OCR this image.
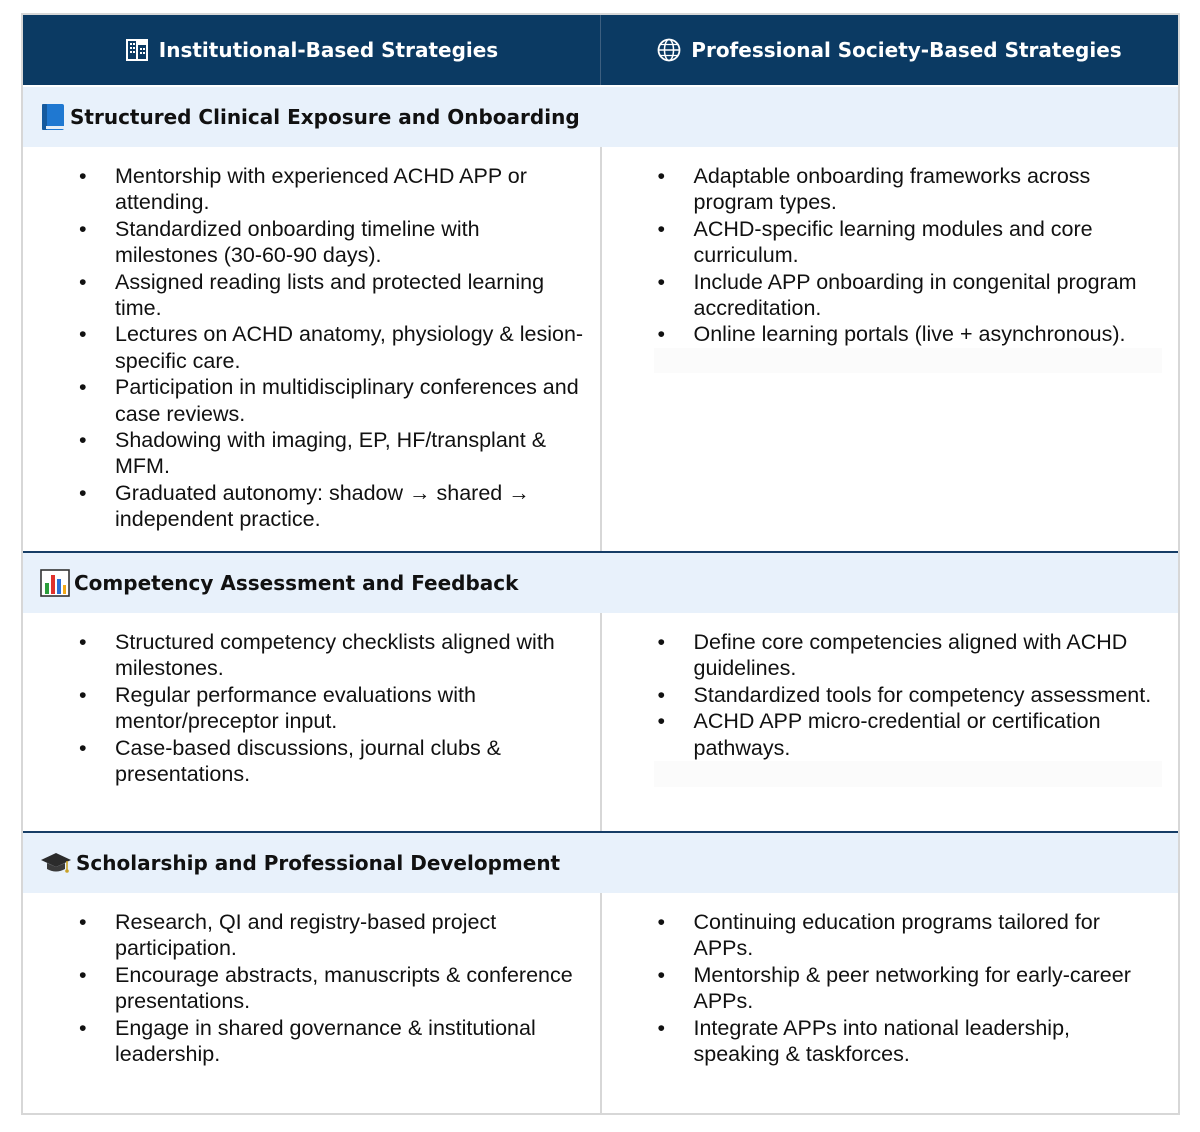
Institutional-Based Strategies	Professional Society-Based Strategies
Structured Clinical Exposure and Onboarding
• Mentorship with experienced ACHD APP or attending.
• Standardized onboarding timeline with milestones (30-60-90 days).
• Assigned reading lists and protected learning time.
• Lectures on ACHD anatomy, physiology & lesion-specific care.
• Participation in multidisciplinary conferences and case reviews.
• Shadowing with imaging, EP, HF/transplant & MFM.
• Graduated autonomy: shadow → shared → independent practice.
• Adaptable onboarding frameworks across program types.
• ACHD-specific learning modules and core curriculum.
• Include APP onboarding in congenital program accreditation.
• Online learning portals (live + asynchronous).
Competency Assessment and Feedback
• Structured competency checklists aligned with milestones.
• Regular performance evaluations with mentor/preceptor input.
• Case-based discussions, journal clubs & presentations.
• Define core competencies aligned with ACHD guidelines.
• Standardized tools for competency assessment.
• ACHD APP micro-credential or certification pathways.
Scholarship and Professional Development
• Research, QI and registry-based project participation.
• Encourage abstracts, manuscripts & conference presentations.
• Engage in shared governance & institutional leadership.
• Continuing education programs tailored for APPs.
• Mentorship & peer networking for early-career APPs.
• Integrate APPs into national leadership, speaking & taskforces.
